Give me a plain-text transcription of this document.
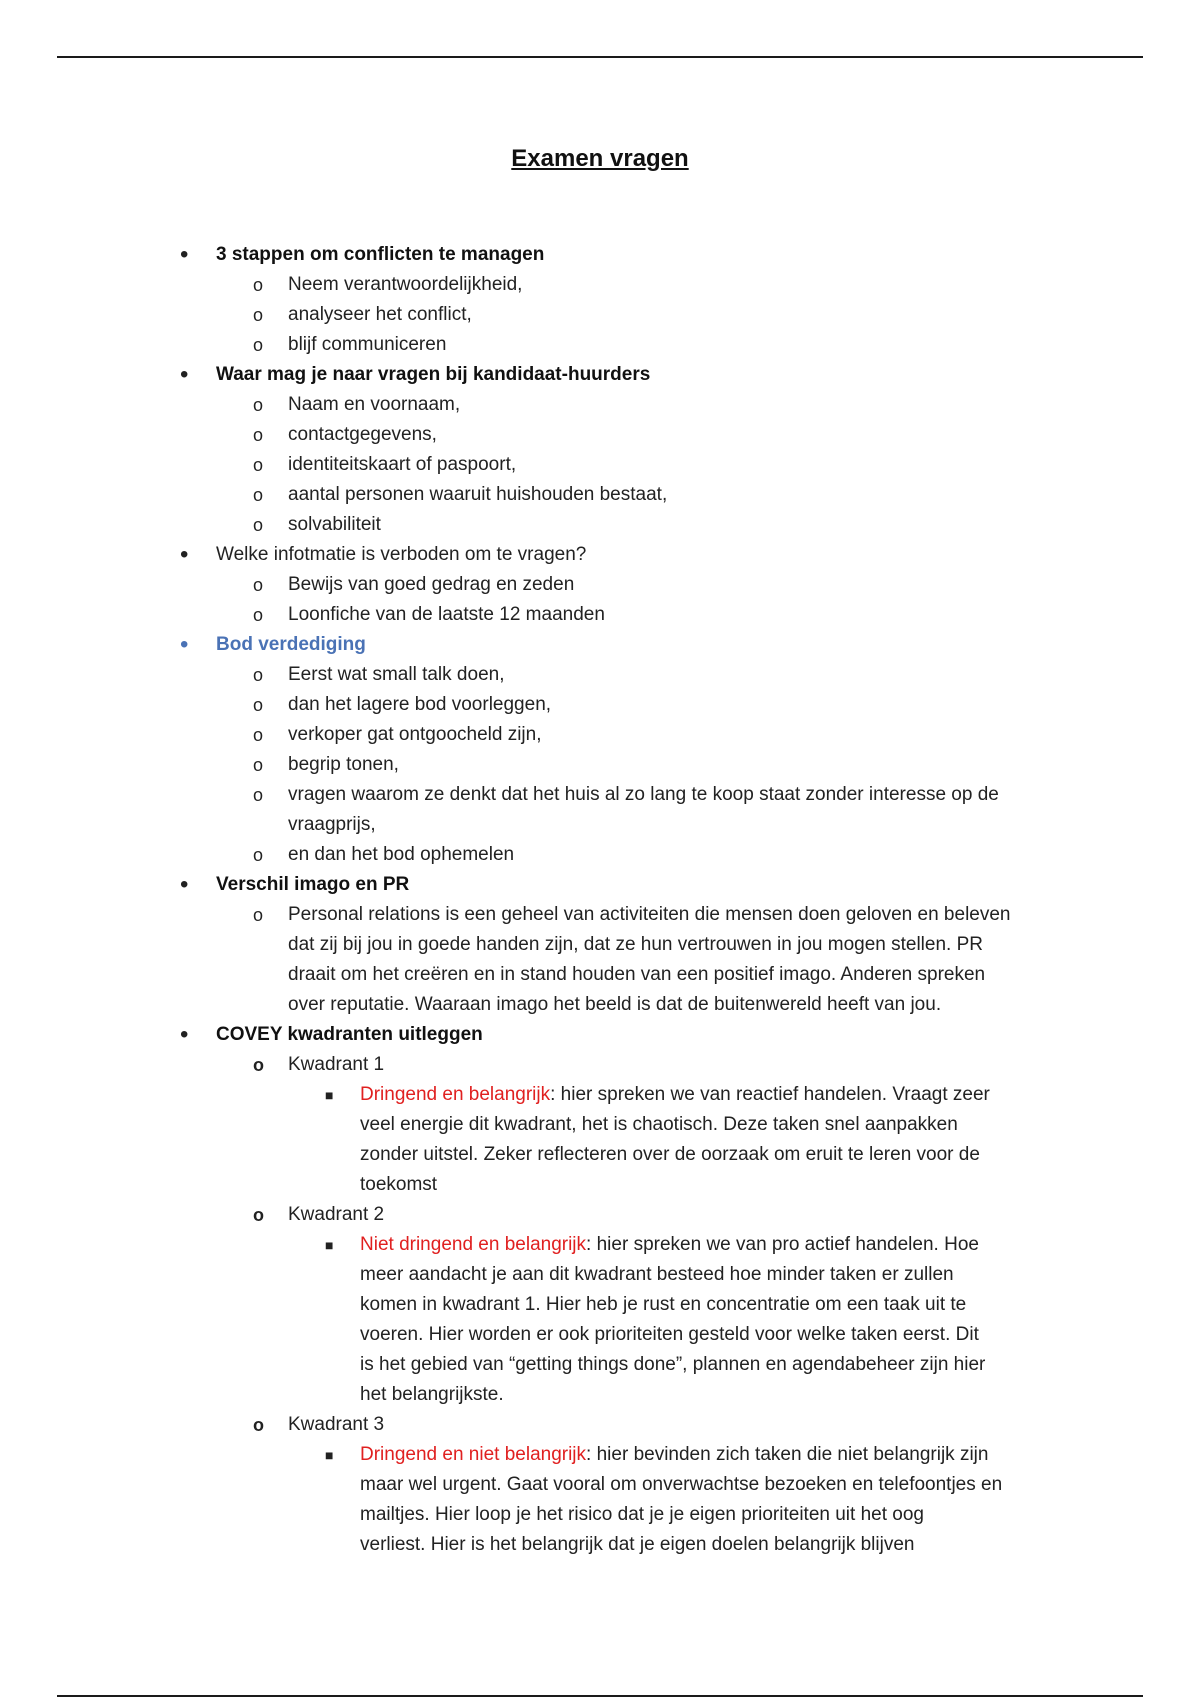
Examen vragen
• 3 stappen om conflicten te managen
o Neem verantwoordelijkheid,
o analyseer het conflict,
o blijf communiceren
• Waar mag je naar vragen bij kandidaat-huurders
o Naam en voornaam,
o contactgegevens,
o identiteitskaart of paspoort,
o aantal personen waaruit huishouden bestaat,
o solvabiliteit
• Welke infotmatie is verboden om te vragen?
o Bewijs van goed gedrag en zeden
o Loonfiche van de laatste 12 maanden
• Bod verdediging
o Eerst wat small talk doen,
o dan het lagere bod voorleggen,
o verkoper gat ontgoocheld zijn,
o begrip tonen,
o vragen waarom ze denkt dat het huis al zo lang te koop staat zonder interesse op de
vraagprijs,
o en dan het bod ophemelen
• Verschil imago en PR
o Personal relations is een geheel van activiteiten die mensen doen geloven en beleven
dat zij bij jou in goede handen zijn, dat ze hun vertrouwen in jou mogen stellen. PR
draait om het creëren en in stand houden van een positief imago. Anderen spreken
over reputatie. Waaraan imago het beeld is dat de buitenwereld heeft van jou.
• COVEY kwadranten uitleggen
o Kwadrant 1
■ Dringend en belangrijk: hier spreken we van reactief handelen. Vraagt zeer
veel energie dit kwadrant, het is chaotisch. Deze taken snel aanpakken
zonder uitstel. Zeker reflecteren over de oorzaak om eruit te leren voor de
toekomst
o Kwadrant 2
■ Niet dringend en belangrijk: hier spreken we van pro actief handelen. Hoe
meer aandacht je aan dit kwadrant besteed hoe minder taken er zullen
komen in kwadrant 1. Hier heb je rust en concentratie om een taak uit te
voeren. Hier worden er ook prioriteiten gesteld voor welke taken eerst. Dit
is het gebied van “getting things done”, plannen en agendabeheer zijn hier
het belangrijkste.
o Kwadrant 3
■ Dringend en niet belangrijk: hier bevinden zich taken die niet belangrijk zijn
maar wel urgent. Gaat vooral om onverwachtse bezoeken en telefoontjes en
mailtjes. Hier loop je het risico dat je je eigen prioriteiten uit het oog
verliest. Hier is het belangrijk dat je eigen doelen belangrijk blijven
